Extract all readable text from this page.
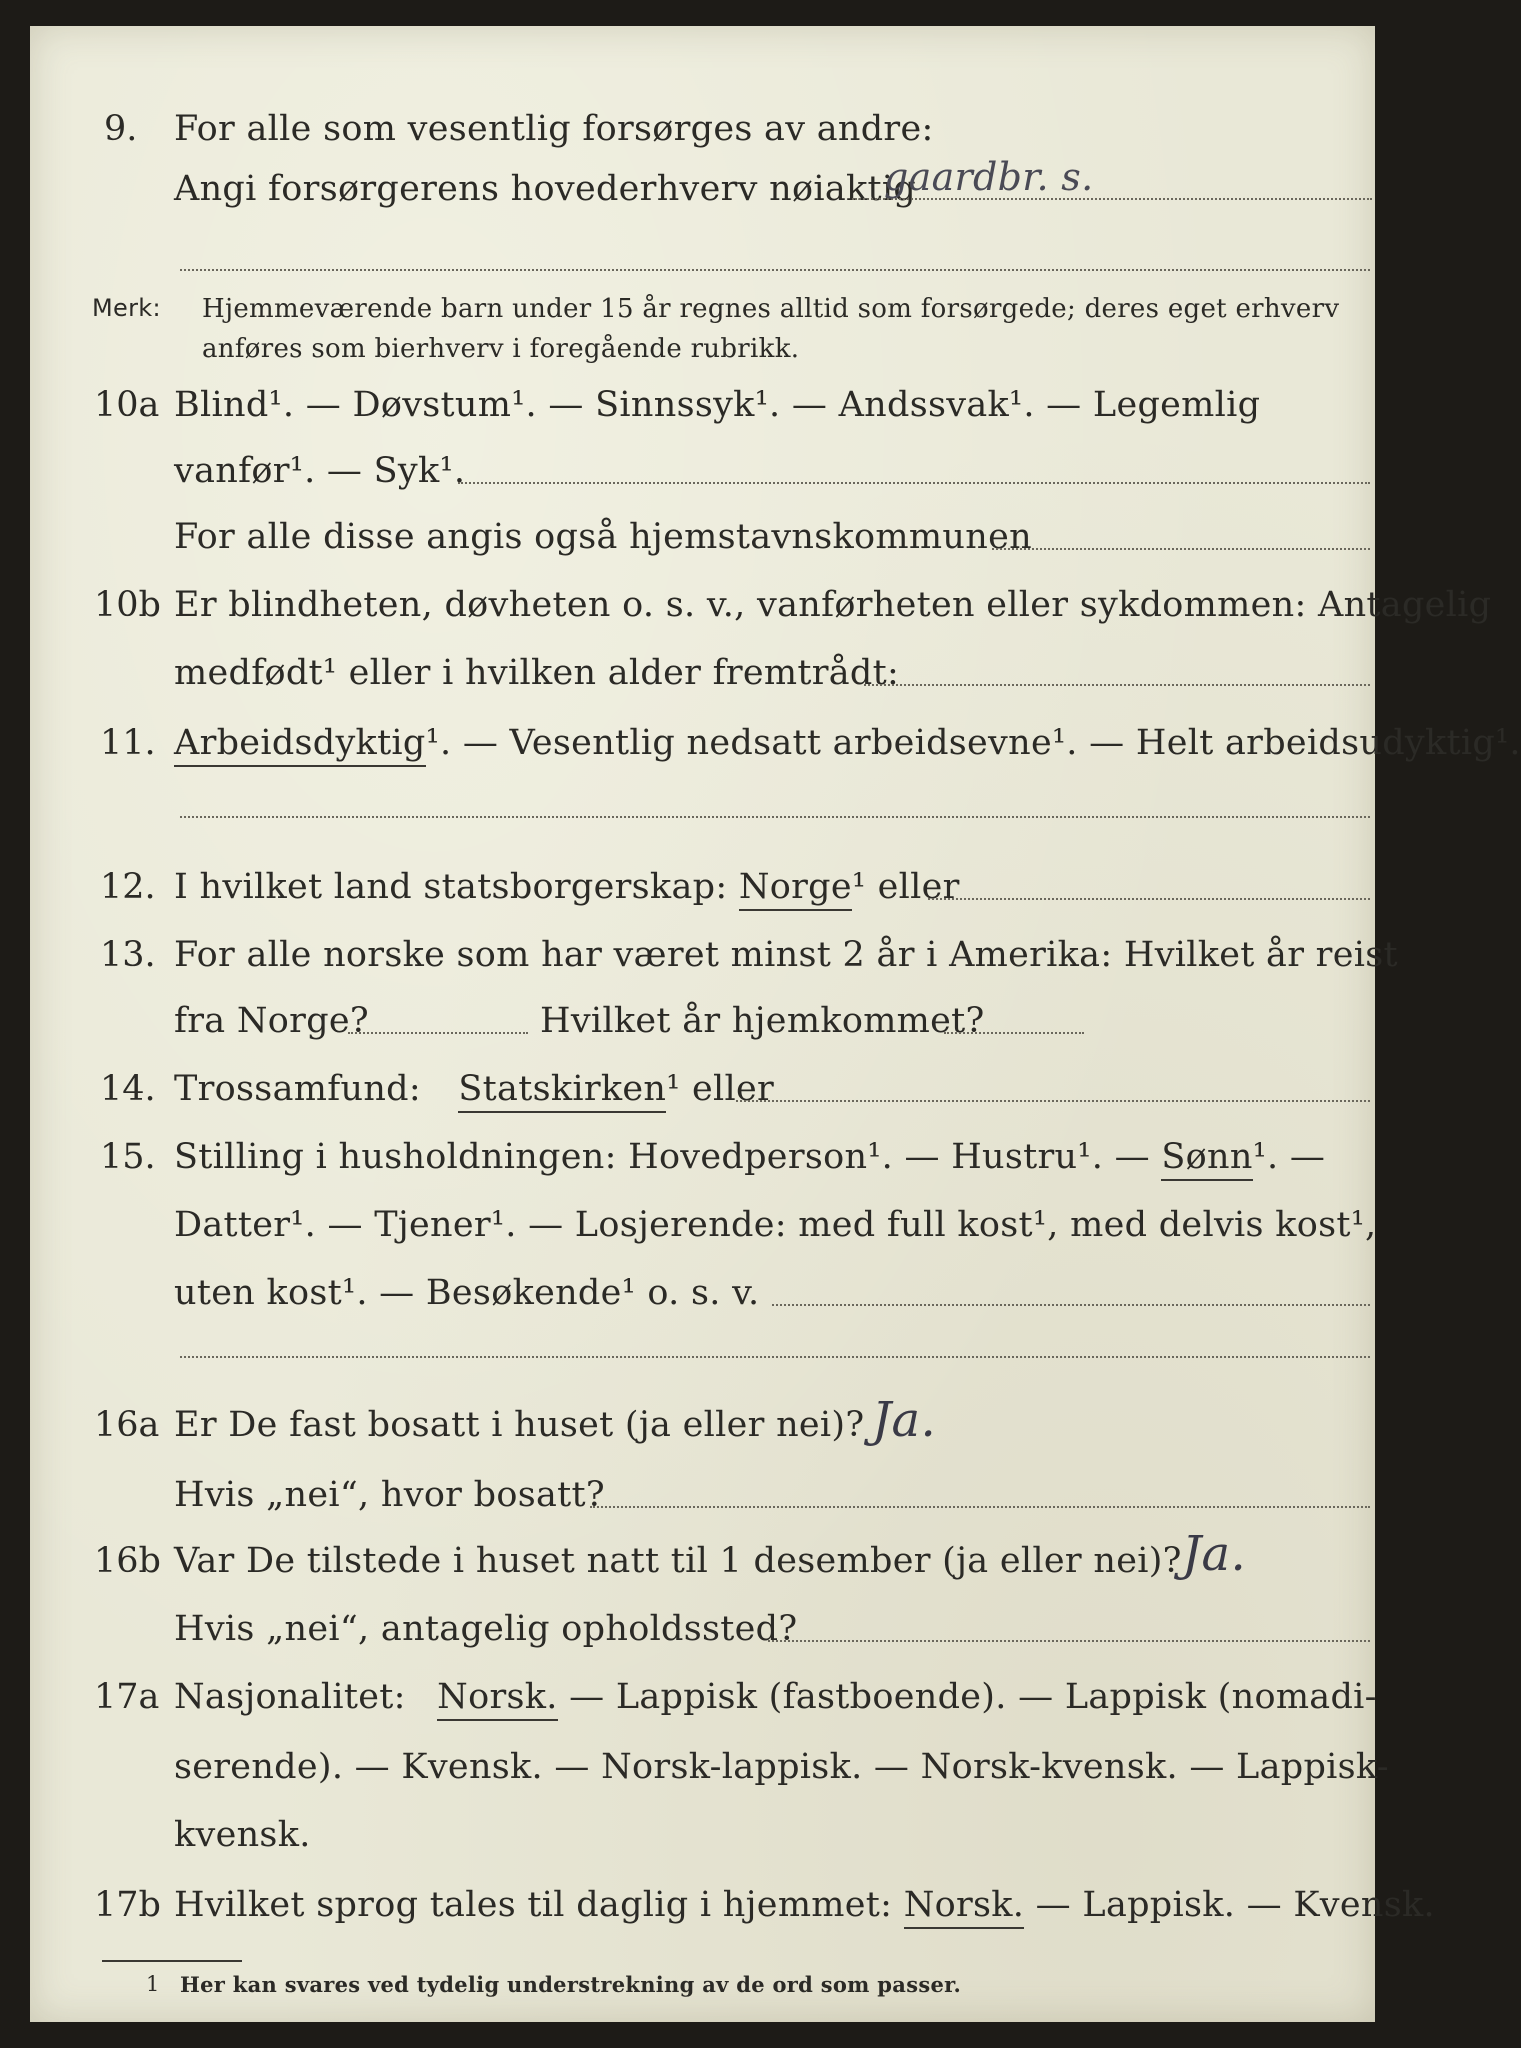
9. For alle som vesentlig forsørges av andre:
Angi forsørgerens hovederhverv nøiaktig
gaardbr. s.
Merk: Hjemmeværende barn under 15 år regnes alltid som forsørgede; deres eget erhverv
anføres som bierhverv i foregående rubrikk.
10a Blind¹. — Døvstum¹. — Sinnssyk¹. — Andssvak¹. — Legemlig
vanfør¹. — Syk¹.
For alle disse angis også hjemstavnskommunen
10b Er blindheten, døvheten o. s. v., vanførheten eller sykdommen: Antagelig
medfødt¹ eller i hvilken alder fremtrådt:
11. Arbeidsdyktig¹. — Vesentlig nedsatt arbeidsevne¹. — Helt arbeidsudyktig¹.
12. I hvilket land statsborgerskap: Norge¹ eller
13. For alle norske som har været minst 2 år i Amerika: Hvilket år reist
fra Norge?	Hvilket år hjemkommet?
14. Trossamfund: Statskirken¹ eller
15. Stilling i husholdningen: Hovedperson¹. — Hustru¹. — Sønn¹. —
Datter¹. — Tjener¹. — Losjerende: med full kost¹, med delvis kost¹,
uten kost¹. — Besøkende¹ o. s. v.
16a Er De fast bosatt i huset (ja eller nei)? Ja.
Hvis „nei“, hvor bosatt?
16b Var De tilstede i huset natt til 1 desember (ja eller nei)? Ja.
Hvis „nei“, antagelig opholdssted?
17a Nasjonalitet: Norsk. — Lappisk (fastboende). — Lappisk (nomadi-
serende). — Kvensk. — Norsk-lappisk. — Norsk-kvensk. — Lappisk-
kvensk.
17b Hvilket sprog tales til daglig i hjemmet: Norsk. — Lappisk. — Kvensk.
1 Her kan svares ved tydelig understrekning av de ord som passer.
